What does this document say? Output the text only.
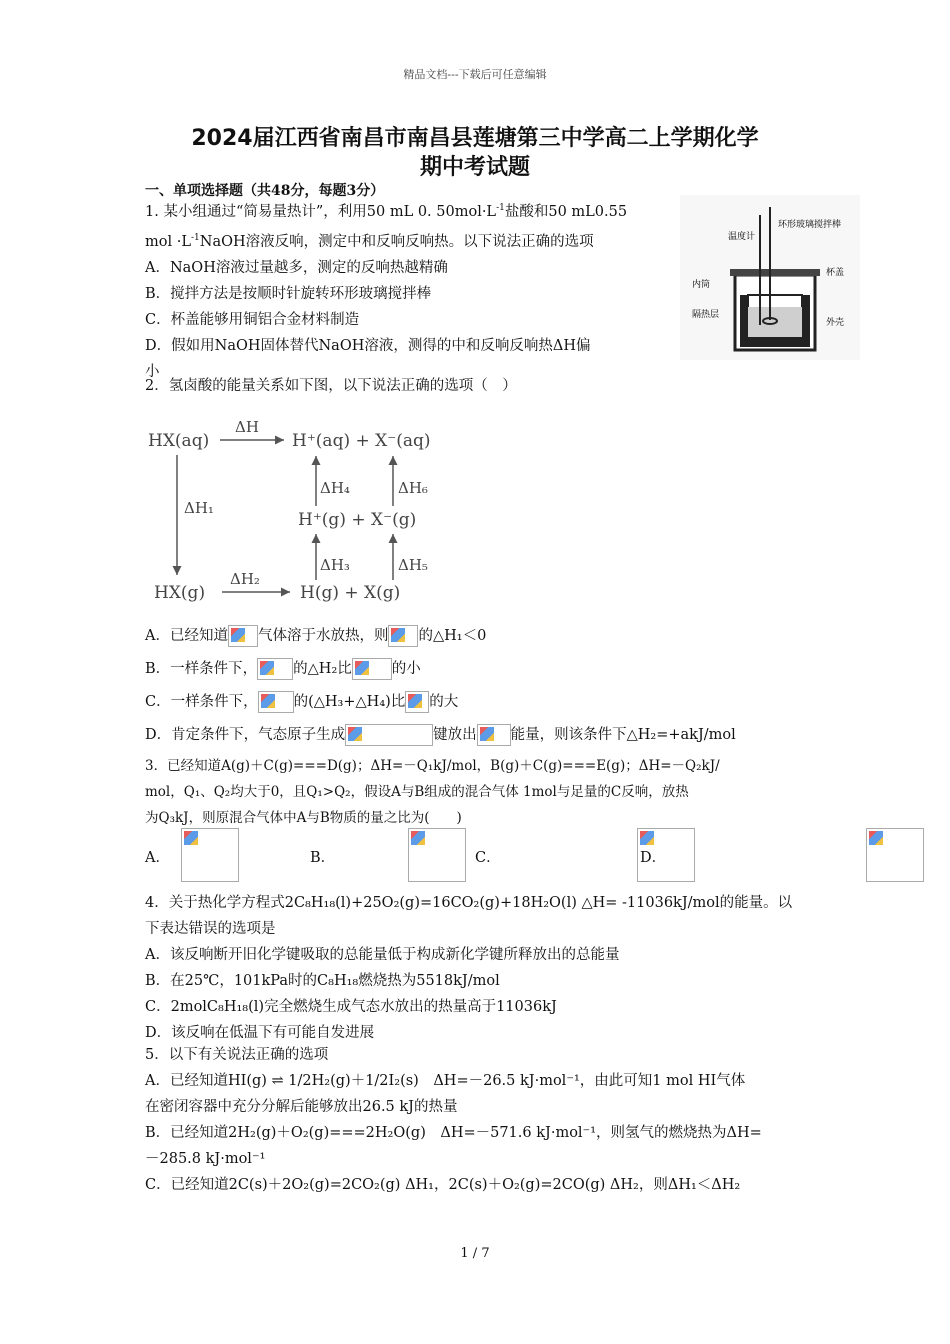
精品文档---下载后可任意编辑
2024届江西省南昌市南昌县莲塘第三中学高二上学期化学
期中考试题
一、单项选择题（共48分，每题3分）
1. 某小组通过“简易量热计”，利用50 mL 0. $50mol\cdot L^{-1}$盐酸和50 mL0.55
mol $\cdot L^{-1}NaOH$溶液反响，测定中和反响反响热。以下说法正确的选项
A．NaOH溶液过量越多，测定的反响热越精确
B．搅拌方法是按顺时针旋转环形玻璃搅拌棒
C．杯盖能够用铜铝合金材料制造
D．假如用NaOH固体替代NaOH溶液，测得的中和反响反响热ΔH偏
小
温度计
环形玻璃搅拌棒
杯盖
内筒
隔热层
外壳
2．氢卤酸的能量关系如下图，以下说法正确的选项（　）
HX(aq)
ΔH
H⁺(aq) + X⁻(aq)
ΔH₁
ΔH₄	ΔH₆
H⁺(g) + X⁻(g)
ΔH₃	ΔH₅
HX(g)
ΔH₂
H(g) + X(g)
A．已经知道 气体溶于水放热，则 的△H₁＜0
B．一样条件下， 的△H₂比	的小
C．一样条件下， 的(△H₃+△H₄)比 的大
D．肯定条件下，气态原子生成	键放出 能量，则该条件下△H₂=+akJ/mol
3．已经知道A(g)＋C(g)===D(g)；ΔH=－Q₁kJ/mol，B(g)＋C(g)===E(g)；ΔH=－Q₂kJ/
mol，Q₁、Q₂均大于0，且Q₁>Q₂，假设A与B组成的混合气体 1mol与足量的C反响，放热
为Q₃kJ，则原混合气体中A与B物质的量之比为(　　)
A．
	B．
	C．
	D．
4．关于热化学方程式2C₈H₁₈(l)+25O₂(g)=16CO₂(g)+18H₂O(l) △H= -11036kJ/mol的能量。以
下表达错误的选项是
A．该反响断开旧化学键吸取的总能量低于构成新化学键所释放出的总能量
B．在25℃，101kPa时的C₈H₁₈燃烧热为5518kJ/mol
C．2molC₈H₁₈(l)完全燃烧生成气态水放出的热量高于11036kJ
D．该反响在低温下有可能自发进展
5．以下有关说法正确的选项
A．已经知道HI(g) ⇌ 1/2H₂(g)＋1/2I₂(s)　ΔH=－26.5 kJ·mol⁻¹，由此可知1 mol HI气体
在密闭容器中充分分解后能够放出26.5 kJ的热量
B．已经知道2H₂(g)＋O₂(g)===2H₂O(g)　ΔH=－571.6 kJ·mol⁻¹，则氢气的燃烧热为ΔH=
－285.8 kJ·mol⁻¹
C．已经知道2C(s)＋2O₂(g)=2CO₂(g) ΔH₁，2C(s)＋O₂(g)=2CO(g) ΔH₂，则ΔH₁＜ΔH₂
1 / 7
